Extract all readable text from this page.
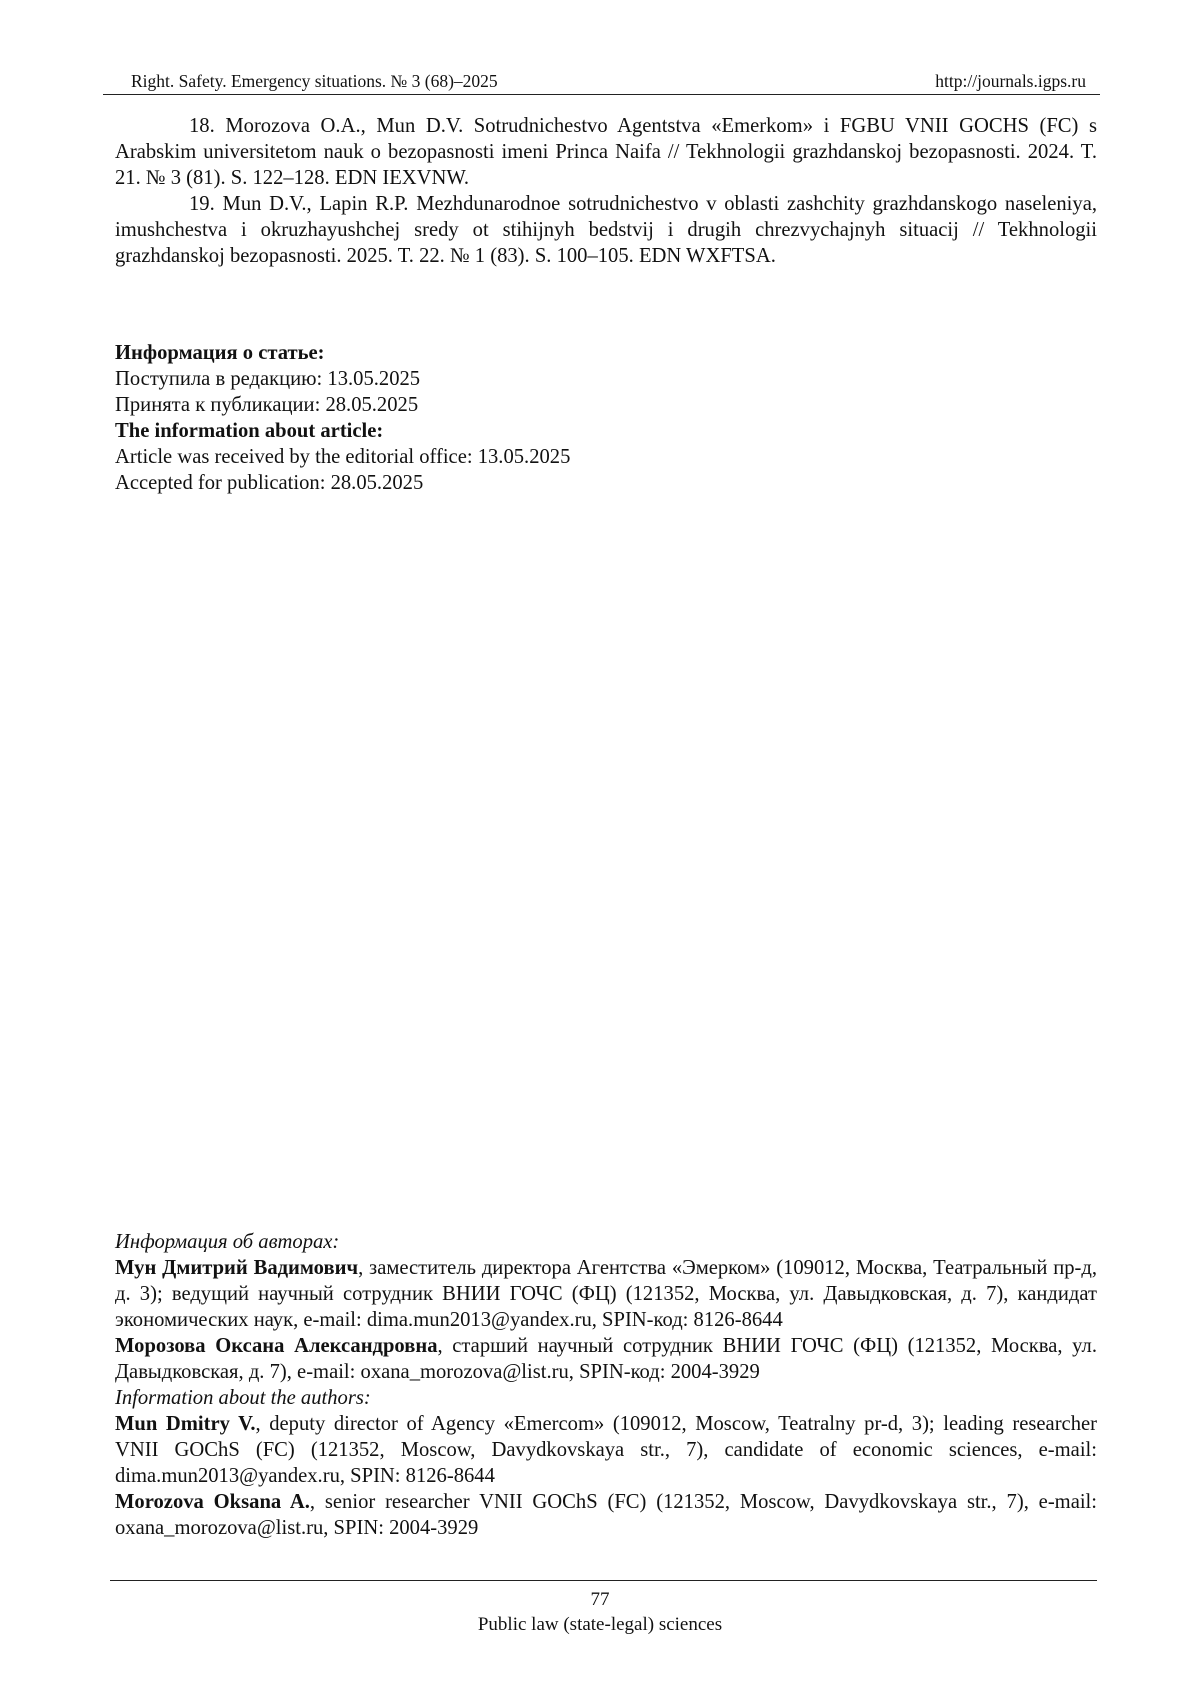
Right. Safety. Emergency situations. № 3 (68)–2025	http://journals.igps.ru

18. Morozova O.A., Mun D.V. Sotrudnichestvo Agentstva «Emerkom» i FGBU VNII GOCHS (FC) s Arabskim universitetom nauk o bezopasnosti imeni Princa Naifa // Tekhnologii grazhdanskoj bezopasnosti. 2024. T. 21. № 3 (81). S. 122–128. EDN IEXVNW.

19. Mun D.V., Lapin R.P. Mezhdunarodnoe sotrudnichestvo v oblasti zashchity grazhdanskogo naseleniya, imushchestva i okruzhayushchej sredy ot stihijnyh bedstvij i drugih chrezvychajnyh situacij // Tekhnologii grazhdanskoj bezopasnosti. 2025. T. 22. № 1 (83). S. 100–105. EDN WXFTSA.

Информация о статье:

Поступила в редакцию: 13.05.2025

Принята к публикации: 28.05.2025

The information about article:

Article was received by the editorial office: 13.05.2025

Accepted for publication: 28.05.2025

Информация об авторах:

Мун Дмитрий Вадимович, заместитель директора Агентства «Эмерком» (109012, Москва, Театральный пр-д, д. 3); ведущий научный сотрудник ВНИИ ГОЧС (ФЦ) (121352, Москва, ул. Давыдковская, д. 7), кандидат экономических наук, e-mail: dima.mun2013@yandex.ru, SPIN-код: 8126-8644

Морозова Оксана Александровна, старший научный сотрудник ВНИИ ГОЧС (ФЦ) (121352, Москва, ул. Давыдковская, д. 7), e-mail: oxana_morozova@list.ru, SPIN-код: 2004-3929

Information about the authors:

Mun Dmitry V., deputy director of Agency «Emercom» (109012, Moscow, Teatralny pr-d, 3); leading researcher VNII GOChS (FC) (121352, Moscow, Davydkovskaya str., 7), candidate of economic sciences, e-mail: dima.mun2013@yandex.ru, SPIN: 8126-8644

Morozova Oksana A., senior researcher VNII GOChS (FC) (121352, Moscow, Davydkovskaya str., 7), e-mail: oxana_morozova@list.ru, SPIN: 2004-3929

77
Public law (state-legal) sciences
